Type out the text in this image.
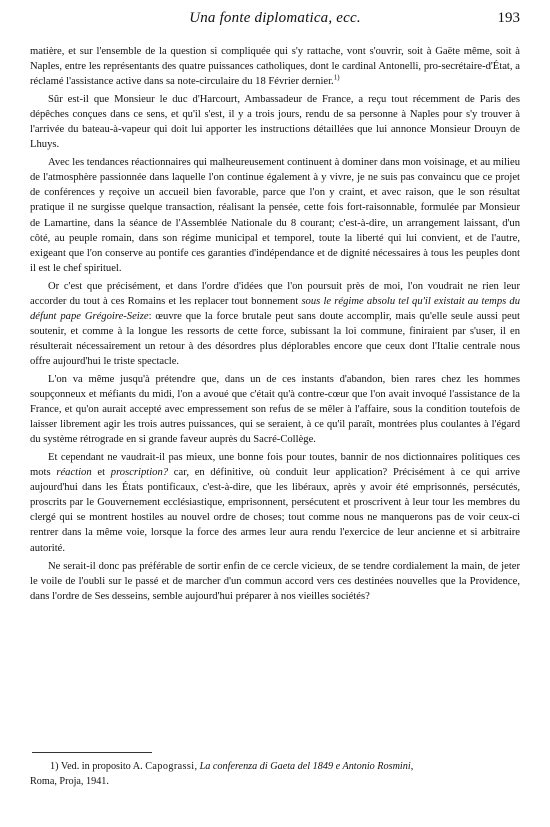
Una fonte diplomatica, ecc.	193

matière, et sur l'ensemble de la question si compliquée qui s'y rattache, vont s'ouvrir, soit à Gaëte même, soit à Naples, entre les représentants des quatre puissances catholiques, dont le cardinal Antonelli, pro-secrétaire-d'État, a réclamé l'assistance active dans sa note-circulaire du 18 Février dernier.$^{1)}$

Sûr est-il que Monsieur le duc d'Harcourt, Ambassadeur de France, a reçu tout récemment de Paris des dépêches conçues dans ce sens, et qu'il s'est, il y a trois jours, rendu de sa personne à Naples pour s'y trouver à l'arrivée du bateau-à-vapeur qui doit lui apporter les instructions détaillées que lui annonce Monsieur Drouyn de Lhuys.

Avec les tendances réactionnaires qui malheureusement continuent à dominer dans mon voisinage, et au milieu de l'atmosphère passionnée dans laquelle l'on continue également à y vivre, je ne suis pas convaincu que ce projet de conférences y reçoive un accueil bien favorable, parce que l'on y craint, et avec raison, que le son résultat pratique il ne surgisse quelque transaction, réalisant la pensée, cette fois fort-raisonnable, formulée par Monsieur de Lamartine, dans la séance de l'Assemblée Nationale du 8 courant; c'est-à-dire, un arrangement laissant, d'un côté, au peuple romain, dans son régime municipal et temporel, toute la liberté qui lui convient, et de l'autre, exigeant que l'on conserve au pontife ces garanties d'indépendance et de dignité nécessaires à tous les peuples dont il est le chef spirituel.

Or c'est que précisément, et dans l'ordre d'idées que l'on poursuit près de moi, l'on voudrait ne rien leur accorder du tout à ces Romains et les replacer tout bonnement sous le régime absolu tel qu'il existait au temps du défunt pape Grégoire-Seize: œuvre que la force brutale peut sans doute accomplir, mais qu'elle seule aussi peut soutenir, et comme à la longue les ressorts de cette force, subissant la loi commune, finiraient par s'user, il en résulterait nécessairement un retour à des désordres plus déplorables encore que ceux dont l'Italie centrale nous offre aujourd'hui le triste spectacle.

L'on va même jusqu'à prétendre que, dans un de ces instants d'abandon, bien rares chez les hommes soupçonneux et méfiants du midi, l'on a avoué que c'était qu'à contre-cœur que l'on avait invoqué l'assistance de la France, et qu'on aurait accepté avec empressement son refus de se mêler à l'affaire, sous la condition toutefois de laisser librement agir les trois autres puissances, qui se seraient, à ce qu'il paraît, montrées plus coulantes à l'égard du système rétrograde en si grande faveur auprès du Sacré-Collège.

Et cependant ne vaudrait-il pas mieux, une bonne fois pour toutes, bannir de nos dictionnaires politiques ces mots réaction et proscription? car, en définitive, où conduit leur application? Précisément à ce qui arrive aujourd'hui dans les États pontificaux, c'est-à-dire, que les libéraux, après y avoir été emprisonnés, persécutés, proscrits par le Gouvernement ecclésiastique, emprisonnent, persécutent et proscrivent à leur tour les membres du clergé qui se montrent hostiles au nouvel ordre de choses; tout comme nous ne manquerons pas de voir ceux-ci rentrer dans la même voie, lorsque la force des armes leur aura rendu l'exercice de leur ancienne et si arbitraire autorité.

Ne serait-il donc pas préférable de sortir enfin de ce cercle vicieux, de se tendre cordialement la main, de jeter le voile de l'oubli sur le passé et de marcher d'un commun accord vers ces destinées nouvelles que la Providence, dans l'ordre de Ses desseins, semble aujourd'hui préparer à nos vieilles sociétés?

1) Ved. in proposito A. Capograssi, La conferenza di Gaeta del 1849 e Antonio Rosmini,
Roma, Proja, 1941.
